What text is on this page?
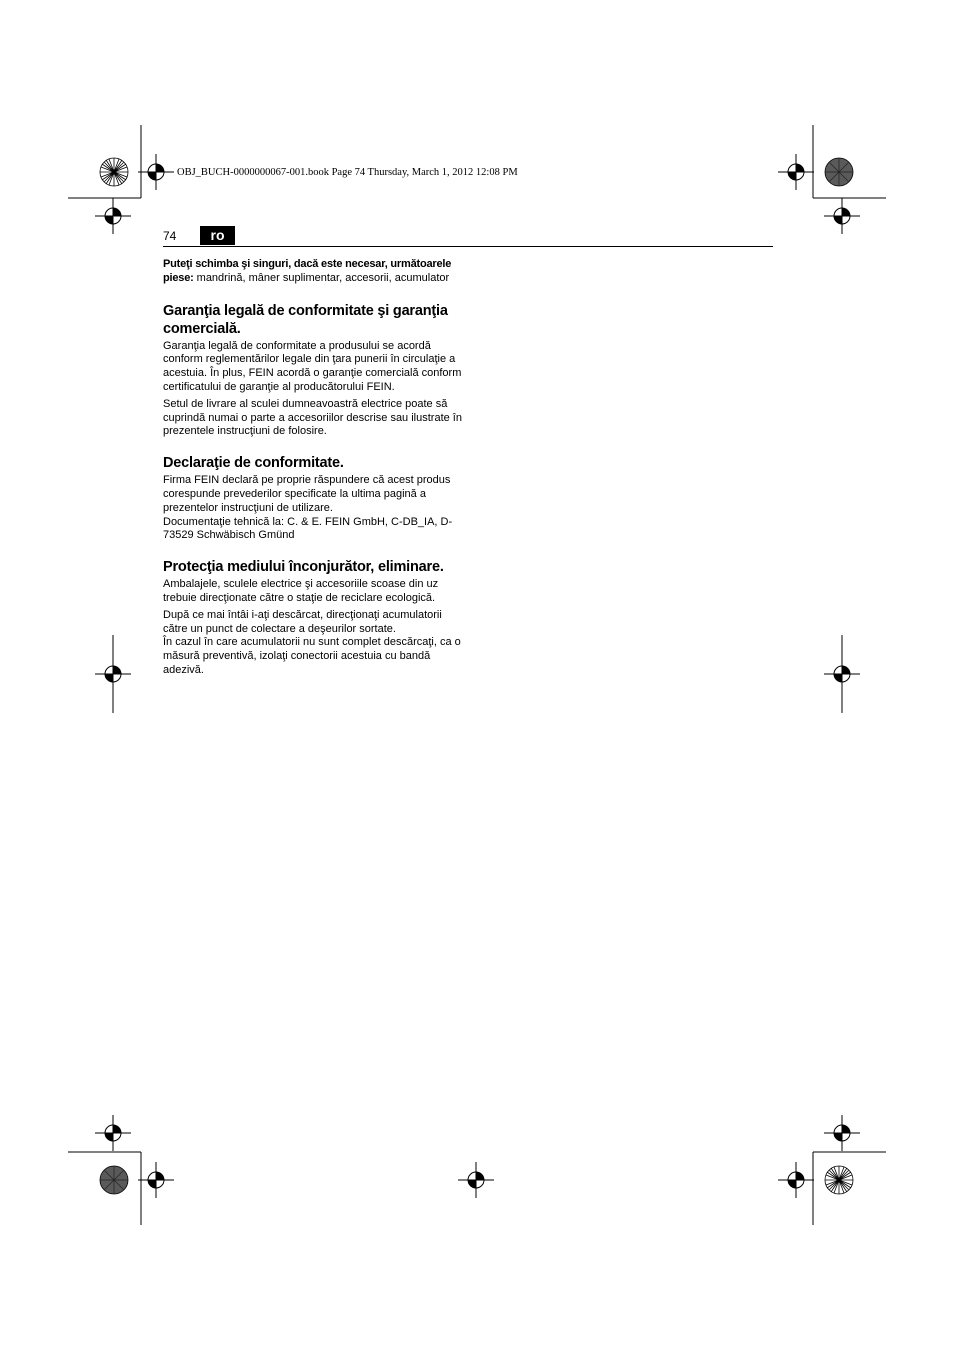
OBJ_BUCH-0000000067-001.book Page 74 Thursday, March 1, 2012 12:08 PM
74	ro

Puteţi schimba şi singuri, dacă este necesar, următoarele piese: mandrină, mâner suplimentar, accesorii, acumulator

Garanţia legală de conformitate şi garanţia comercială.

Garanţia legală de conformitate a produsului se acordă conform reglementărilor legale din ţara punerii în circulaţie a acestuia. În plus, FEIN acordă o garanţie comercială conform certificatului de garanţie al producătorului FEIN.

Setul de livrare al sculei dumneavoastră electrice poate să cuprindă numai o parte a accesoriilor descrise sau ilustrate în prezentele instrucţiuni de folosire.

Declaraţie de conformitate.

Firma FEIN declară pe proprie răspundere că acest produs corespunde prevederilor specificate la ultima pagină a prezentelor instrucţiuni de utilizare.

Documentaţie tehnică la: C. & E. FEIN GmbH, C-DB_IA, D-73529 Schwäbisch Gmünd

Protecţia mediului înconjurător, eliminare.

Ambalajele, sculele electrice şi accesoriile scoase din uz trebuie direcţionate către o staţie de reciclare ecologică.

După ce mai întâi i-aţi descărcat, direcţionaţi acumulatorii către un punct de colectare a deşeurilor sortate.

În cazul în care acumulatorii nu sunt complet descărcaţi, ca o măsură preventivă, izolaţi conectorii acestuia cu bandă adezivă.
